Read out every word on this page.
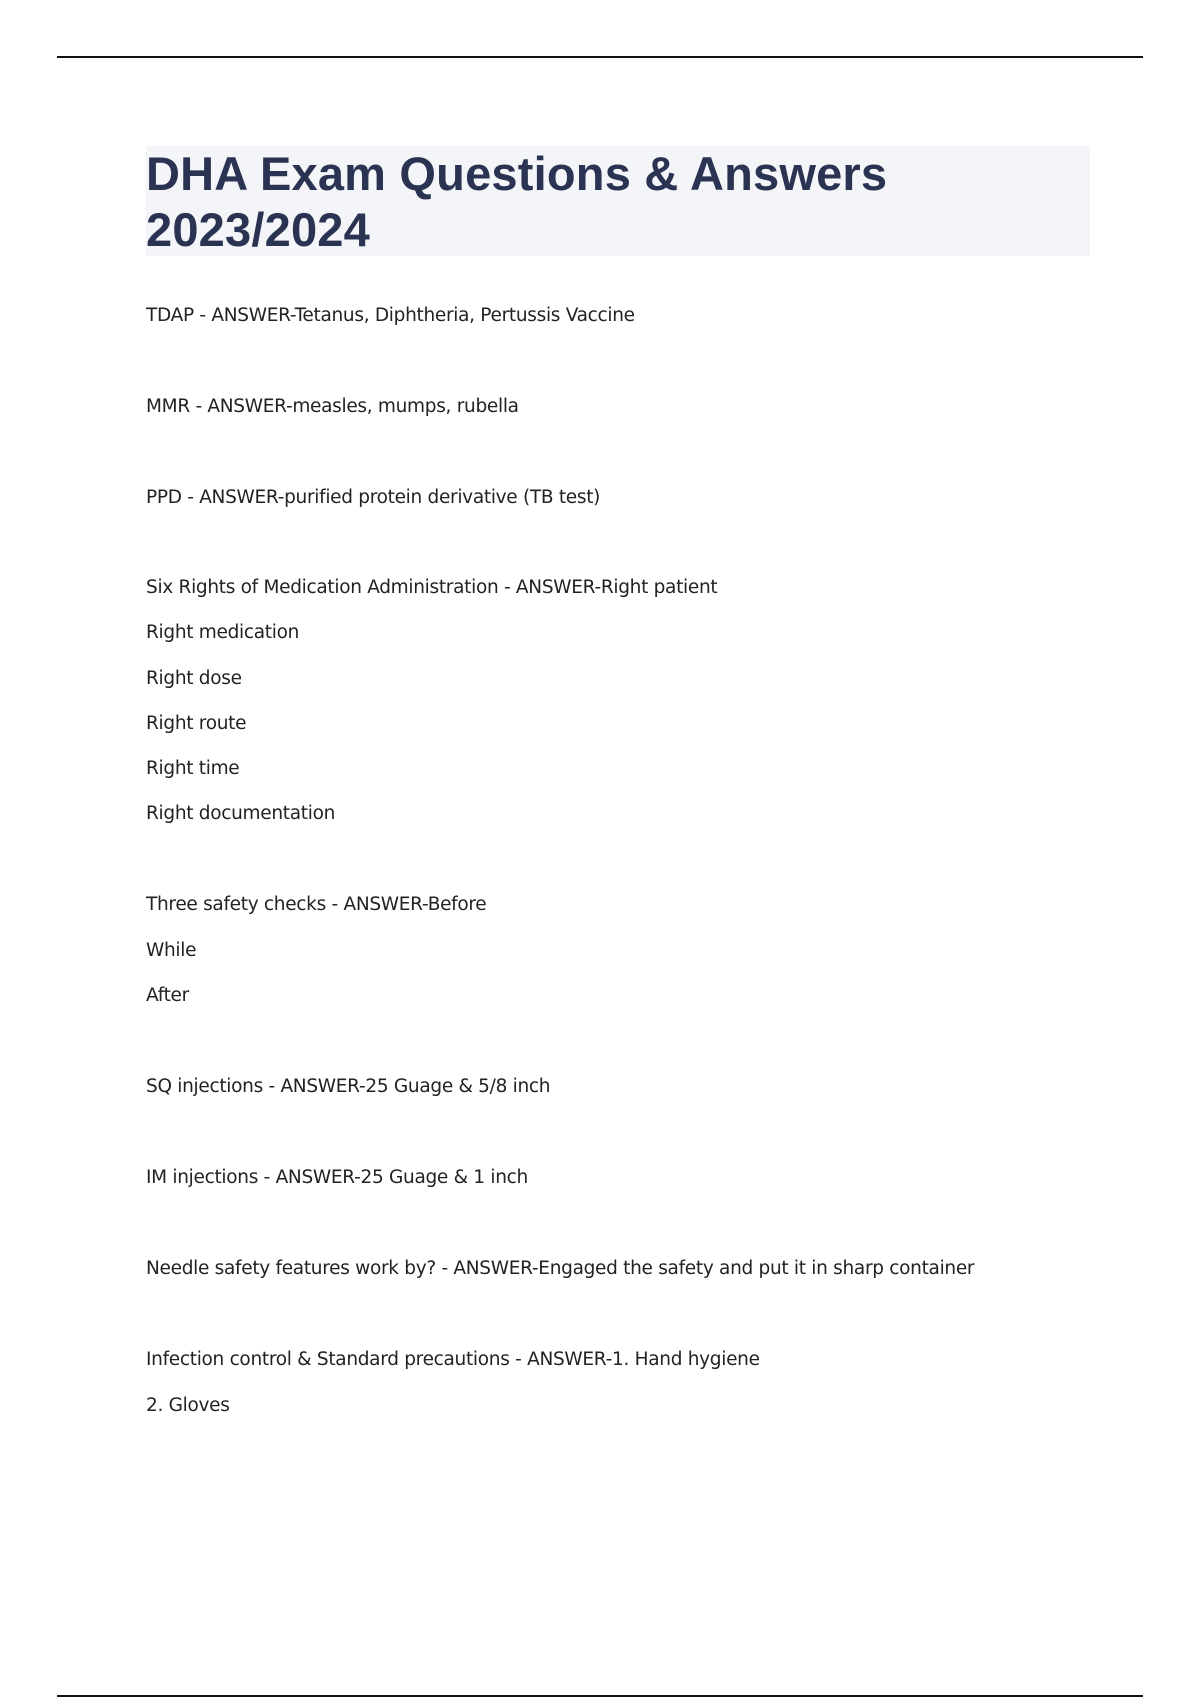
DHA Exam Questions & Answers 2023/2024
TDAP - ANSWER-Tetanus, Diphtheria, Pertussis Vaccine
MMR - ANSWER-measles, mumps, rubella
PPD - ANSWER-purified protein derivative (TB test)
Six Rights of Medication Administration - ANSWER-Right patient
Right medication
Right dose
Right route
Right time
Right documentation
Three safety checks - ANSWER-Before
While
After
SQ injections - ANSWER-25 Guage & 5/8 inch
IM injections - ANSWER-25 Guage & 1 inch
Needle safety features work by? - ANSWER-Engaged the safety and put it in sharp container
Infection control & Standard precautions - ANSWER-1. Hand hygiene
2. Gloves
